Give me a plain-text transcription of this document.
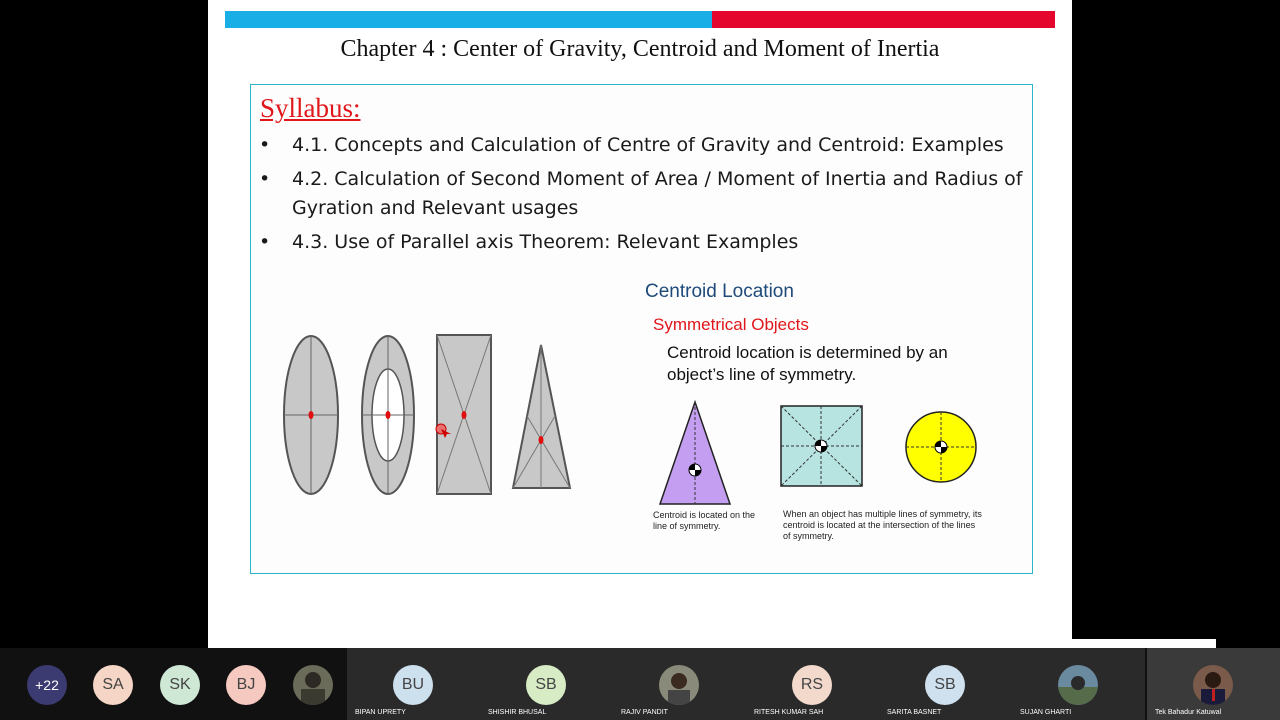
Chapter 4 : Center of Gravity, Centroid and Moment of Inertia
Syllabus:
• 4.1. Concepts and Calculation of Centre of Gravity and Centroid: Examples
• 4.2. Calculation of Second Moment of Area / Moment of Inertia and Radius of Gyration and Relevant usages
• 4.3. Use of Parallel axis Theorem: Relevant Examples
Centroid Location
Symmetrical Objects
Centroid location is determined by an object’s line of symmetry.
Centroid is located on the line of symmetry.
When an object has multiple lines of symmetry, its centroid is located at the intersection of the lines of symmetry.
+22	SA	SK	BJ	BU
BIPAN UPRETY
SB
SHISHIR BHUSAL	RAJIV PANDIT
RS
RITESH KUMAR SAH
SB
SARITA BASNET	SUJAN GHARTI	Tek Bahadur Katuwal
